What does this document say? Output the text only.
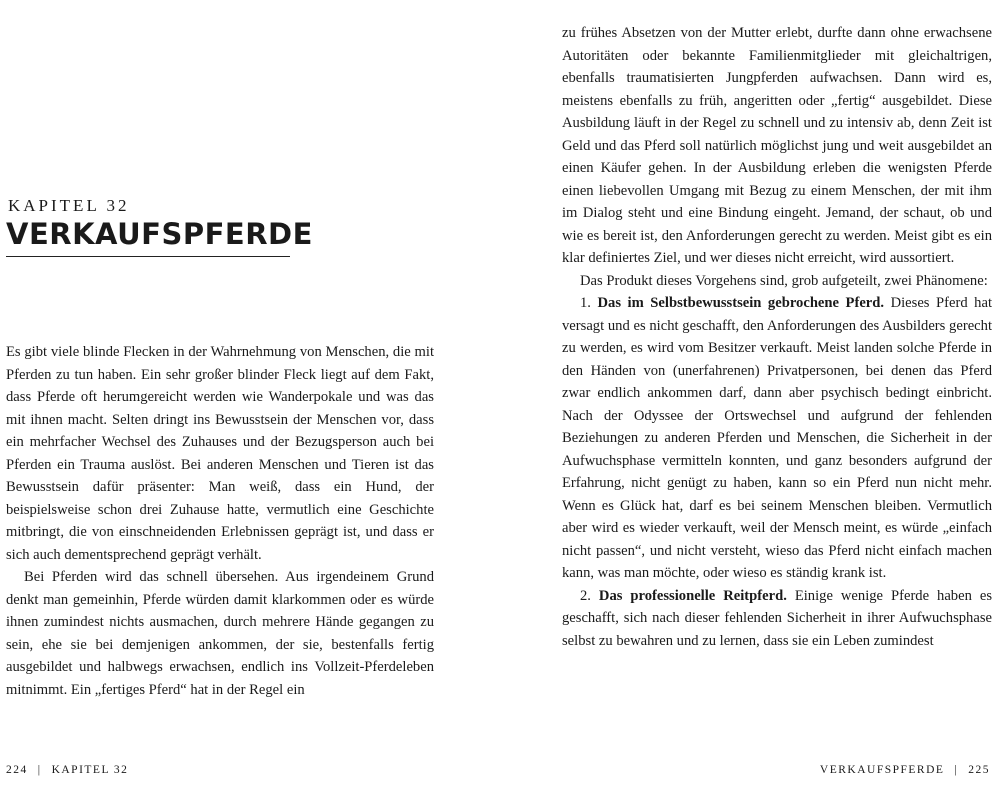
KAPITEL 32
VERKAUFSPFERDE

Es gibt viele blinde Flecken in der Wahrnehmung von Menschen, die mit Pferden zu tun haben. Ein sehr großer blinder Fleck liegt auf dem Fakt, dass Pferde oft herumgereicht werden wie Wanderpokale und was das mit ihnen macht. Selten dringt ins Bewusstsein der Menschen vor, dass ein mehrfacher Wechsel des Zuhauses und der Bezugsperson auch bei Pferden ein Trauma auslöst. Bei anderen Menschen und Tieren ist das Bewusstsein dafür präsenter: Man weiß, dass ein Hund, der beispielsweise schon drei Zuhause hatte, vermutlich eine Geschichte mitbringt, die von einschneidenden Erlebnissen geprägt ist, und dass er sich auch dementsprechend geprägt verhält.

Bei Pferden wird das schnell übersehen. Aus irgendeinem Grund denkt man gemeinhin, Pferde würden damit klarkommen oder es würde ihnen zumindest nichts ausmachen, durch mehrere Hände gegangen zu sein, ehe sie bei demjenigen ankommen, der sie, bestenfalls fertig ausgebildet und halbwegs erwachsen, endlich ins Vollzeit-Pferdeleben mitnimmt. Ein „fertiges Pferd“ hat in der Regel ein

224 | KAPITEL 32

zu frühes Absetzen von der Mutter erlebt, durfte dann ohne erwachsene Autoritäten oder bekannte Familienmitglieder mit gleichaltrigen, ebenfalls traumatisierten Jungpferden aufwachsen. Dann wird es, meistens ebenfalls zu früh, angeritten oder „fertig“ ausgebildet. Diese Ausbildung läuft in der Regel zu schnell und zu intensiv ab, denn Zeit ist Geld und das Pferd soll natürlich möglichst jung und weit ausgebildet an einen Käufer gehen. In der Ausbildung erleben die wenigsten Pferde einen liebevollen Umgang mit Bezug zu einem Menschen, der mit ihm im Dialog steht und eine Bindung eingeht. Jemand, der schaut, ob und wie es bereit ist, den Anforderungen gerecht zu werden. Meist gibt es ein klar definiertes Ziel, und wer dieses nicht erreicht, wird aussortiert.

Das Produkt dieses Vorgehens sind, grob aufgeteilt, zwei Phänomene:

1. Das im Selbstbewusstsein gebrochene Pferd. Dieses Pferd hat versagt und es nicht geschafft, den Anforderungen des Ausbilders gerecht zu werden, es wird vom Besitzer verkauft. Meist landen solche Pferde in den Händen von (unerfahrenen) Privatpersonen, bei denen das Pferd zwar endlich ankommen darf, dann aber psychisch bedingt einbricht. Nach der Odyssee der Ortswechsel und aufgrund der fehlenden Beziehungen zu anderen Pferden und Menschen, die Sicherheit in der Aufwuchsphase vermitteln konnten, und ganz besonders aufgrund der Erfahrung, nicht genügt zu haben, kann so ein Pferd nun nicht mehr. Wenn es Glück hat, darf es bei seinem Menschen bleiben. Vermutlich aber wird es wieder verkauft, weil der Mensch meint, es würde „einfach nicht passen“, und nicht versteht, wieso das Pferd nicht einfach machen kann, was man möchte, oder wieso es ständig krank ist.

2. Das professionelle Reitpferd. Einige wenige Pferde haben es geschafft, sich nach dieser fehlenden Sicherheit in ihrer Aufwuchsphase selbst zu bewahren und zu lernen, dass sie ein Leben zumindest

VERKAUFSPFERDE | 225
